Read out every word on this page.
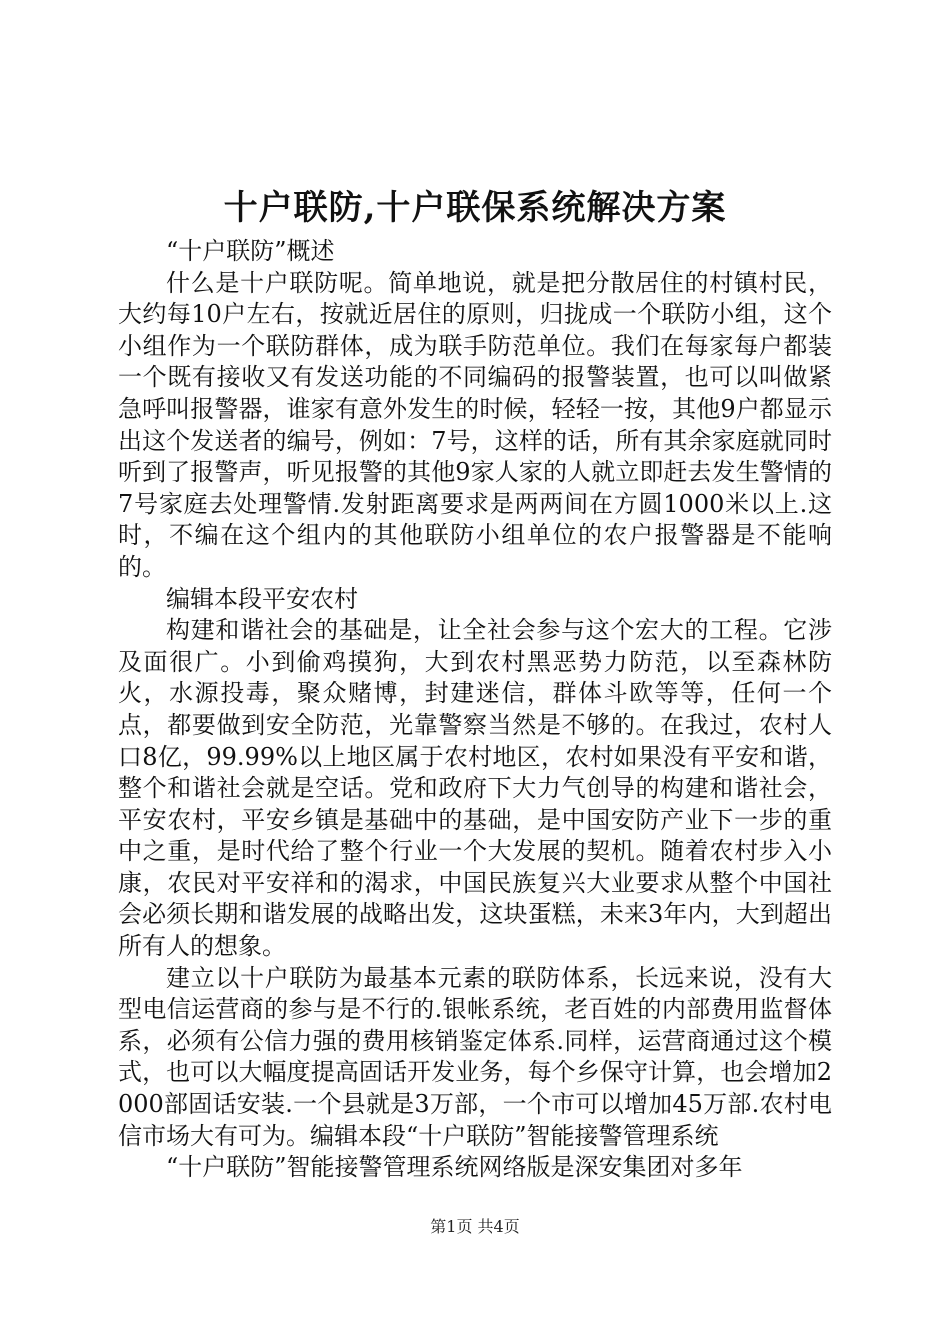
十户联防,十户联保系统解决方案

“十户联防”概述

什么是十户联防呢。简单地说，就是把分散居住的村镇村民，大约每10户左右，按就近居住的原则，归拢成一个联防小组，这个小组作为一个联防群体，成为联手防范单位。我们在每家每户都装一个既有接收又有发送功能的不同编码的报警装置，也可以叫做紧急呼叫报警器，谁家有意外发生的时候，轻轻一按，其他9户都显示出这个发送者的编号，例如：7号，这样的话，所有其余家庭就同时听到了报警声，听见报警的其他9家人家的人就立即赶去发生警情的7号家庭去处理警情.发射距离要求是两两间在方圆1000米以上.这时，不编在这个组内的其他联防小组单位的农户报警器是不能响的。

编辑本段平安农村

构建和谐社会的基础是，让全社会参与这个宏大的工程。它涉及面很广。小到偷鸡摸狗，大到农村黑恶势力防范，以至森林防火，水源投毒，聚众赌博，封建迷信，群体斗欧等等，任何一个点，都要做到安全防范，光靠警察当然是不够的。在我过，农村人口8亿，99.99%以上地区属于农村地区，农村如果没有平安和谐，整个和谐社会就是空话。党和政府下大力气创导的构建和谐社会，平安农村，平安乡镇是基础中的基础，是中国安防产业下一步的重中之重，是时代给了整个行业一个大发展的契机。随着农村步入小康，农民对平安祥和的渴求，中国民族复兴大业要求从整个中国社会必须长期和谐发展的战略出发，这块蛋糕，未来3年内，大到超出所有人的想象。

建立以十户联防为最基本元素的联防体系，长远来说，没有大型电信运营商的参与是不行的.银帐系统，老百姓的内部费用监督体系，必须有公信力强的费用核销鉴定体系.同样，运营商通过这个模式，也可以大幅度提高固话开发业务，每个乡保守计算，也会增加2000部固话安装.一个县就是3万部，一个市可以增加45万部.农村电信市场大有可为。编辑本段“十户联防”智能接警管理系统

“十户联防”智能接警管理系统网络版是深安集团对多年

第1页 共4页
